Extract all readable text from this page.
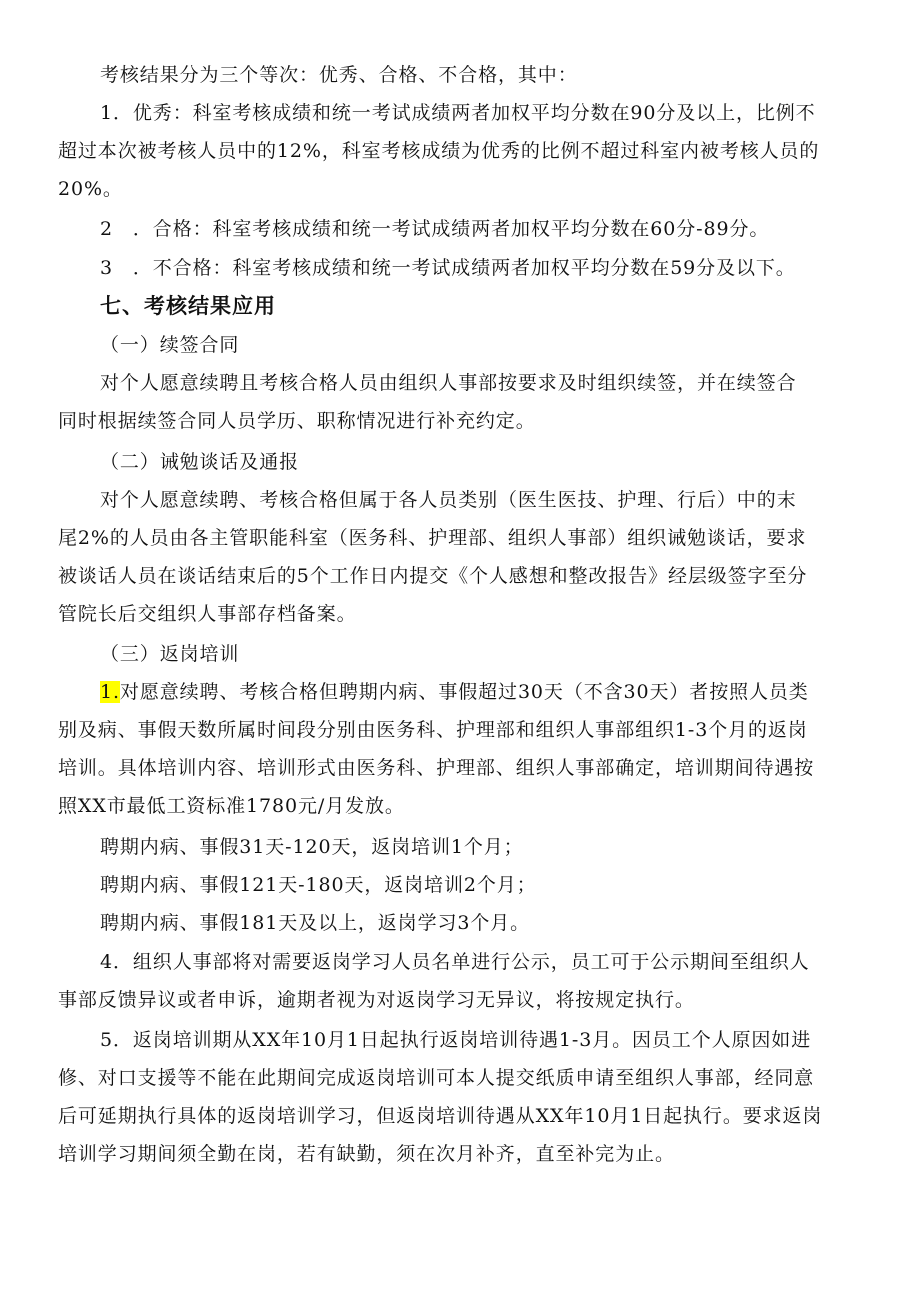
考核结果分为三个等次：优秀、合格、不合格，其中：
1．优秀：科室考核成绩和统一考试成绩两者加权平均分数在90分及以上，比例不
超过本次被考核人员中的12%，科室考核成绩为优秀的比例不超过科室内被考核人员的
20%。
2　．合格：科室考核成绩和统一考试成绩两者加权平均分数在60分-89分。
3　．不合格：科室考核成绩和统一考试成绩两者加权平均分数在59分及以下。
七、考核结果应用
（一）续签合同
对个人愿意续聘且考核合格人员由组织人事部按要求及时组织续签，并在续签合
同时根据续签合同人员学历、职称情况进行补充约定。
（二）诫勉谈话及通报
对个人愿意续聘、考核合格但属于各人员类别（医生医技、护理、行后）中的末
尾2%的人员由各主管职能科室（医务科、护理部、组织人事部）组织诫勉谈话，要求
被谈话人员在谈话结束后的5个工作日内提交《个人感想和整改报告》经层级签字至分
管院长后交组织人事部存档备案。
（三）返岗培训
1.对愿意续聘、考核合格但聘期内病、事假超过30天（不含30天）者按照人员类
别及病、事假天数所属时间段分别由医务科、护理部和组织人事部组织1-3个月的返岗
培训。具体培训内容、培训形式由医务科、护理部、组织人事部确定，培训期间待遇按
照XX市最低工资标准1780元/月发放。
聘期内病、事假31天-120天，返岗培训1个月；
聘期内病、事假121天-180天，返岗培训2个月；
聘期内病、事假181天及以上，返岗学习3个月。
4．组织人事部将对需要返岗学习人员名单进行公示，员工可于公示期间至组织人
事部反馈异议或者申诉，逾期者视为对返岗学习无异议，将按规定执行。
5．返岗培训期从XX年10月1日起执行返岗培训待遇1-3月。因员工个人原因如进
修、对口支援等不能在此期间完成返岗培训可本人提交纸质申请至组织人事部，经同意
后可延期执行具体的返岗培训学习，但返岗培训待遇从XX年10月1日起执行。要求返岗
培训学习期间须全勤在岗，若有缺勤，须在次月补齐，直至补完为止。
